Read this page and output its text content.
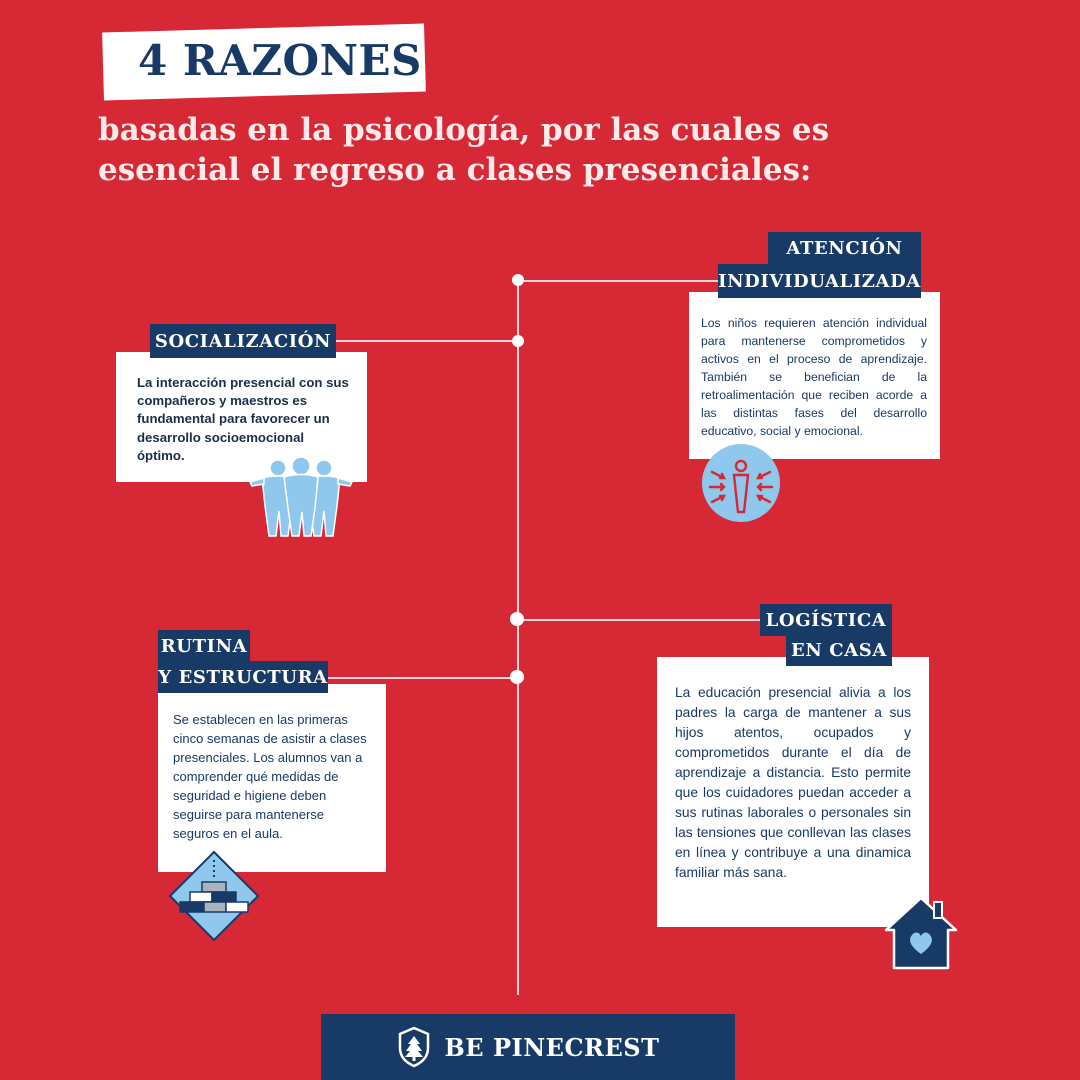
4 RAZONES
basadas en la psicología, por las cuales es
esencial el regreso a clases presenciales:
La interacción presencial con sus compañeros y maestros es fundamental para favorecer un desarrollo socioemocional óptimo.
SOCIALIZACIÓN
Los niños requieren atención individual para mantenerse comprometidos y activos en el proceso de aprendizaje. También se benefician de la retroalimentación que reciben acorde a las distintas fases del desarrollo educativo, social y emocional.
ATENCIÓN
INDIVIDUALIZADA
Se establecen en las primeras cinco semanas de asistir a clases presenciales. Los alumnos van a comprender qué medidas de seguridad e higiene deben seguirse para mantenerse seguros en el aula.
RUTINA
Y ESTRUCTURA
La educación presencial alivia a los padres la carga de mantener a sus hijos atentos, ocupados y comprometidos durante el día de aprendizaje a distancia. Esto permite que los cuidadores puedan acceder a sus rutinas laborales o personales sin las tensiones que conllevan las clases en línea y contribuye a una dinamica familiar más sana.
LOGÍSTICA
EN CASA
BE PINECREST
